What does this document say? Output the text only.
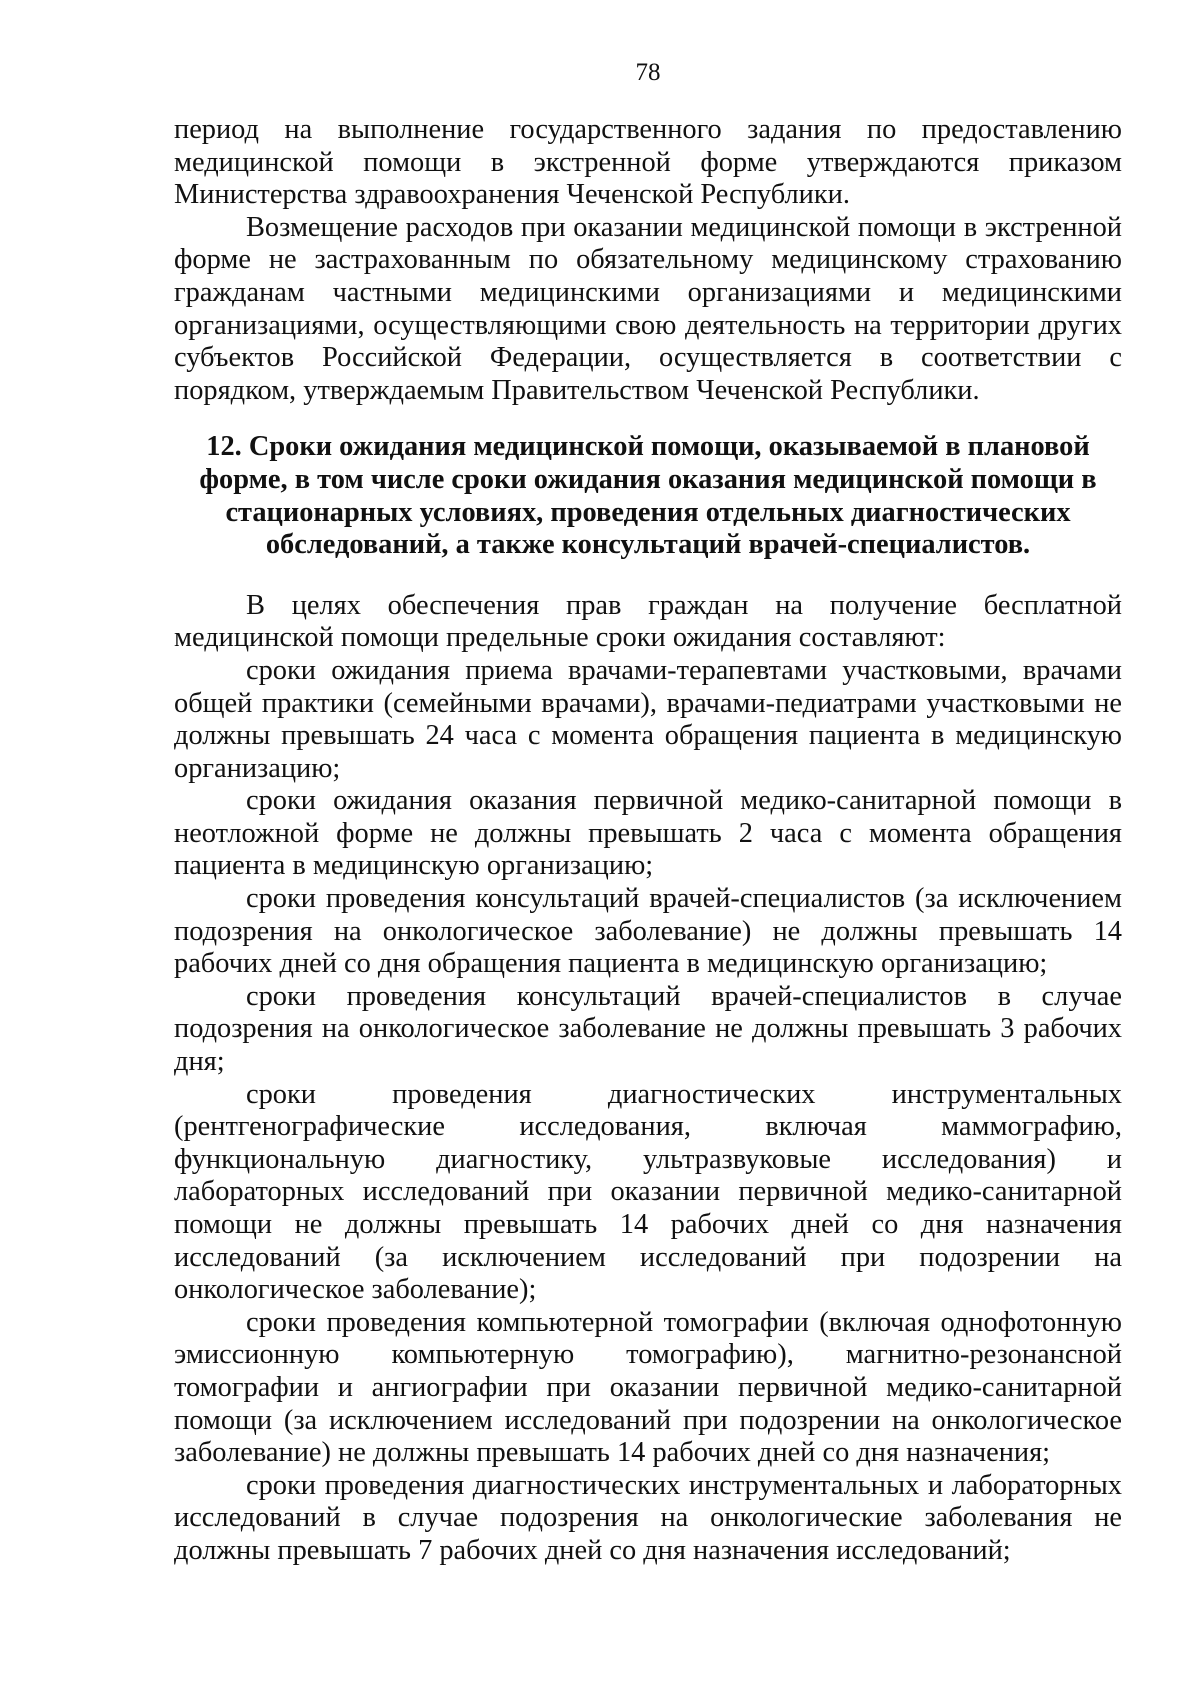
78

период на выполнение государственного задания по предоставлению медицинской помощи в экстренной форме утверждаются приказом Министерства здравоохранения Чеченской Республики.

Возмещение расходов при оказании медицинской помощи в экстренной форме не застрахованным по обязательному медицинскому страхованию гражданам частными медицинскими организациями и медицинскими организациями, осуществляющими свою деятельность на территории других субъектов Российской Федерации, осуществляется в соответствии с порядком, утверждаемым Правительством Чеченской Республики.

12. Сроки ожидания медицинской помощи, оказываемой в плановой форме, в том числе сроки ожидания оказания медицинской помощи в стационарных условиях, проведения отдельных диагностических обследований, а также консультаций врачей-специалистов.

В целях обеспечения прав граждан на получение бесплатной медицинской помощи предельные сроки ожидания составляют:

сроки ожидания приема врачами-терапевтами участковыми, врачами общей практики (семейными врачами), врачами-педиатрами участковыми не должны превышать 24 часа с момента обращения пациента в медицинскую организацию;

сроки ожидания оказания первичной медико-санитарной помощи в неотложной форме не должны превышать 2 часа с момента обращения пациента в медицинскую организацию;

сроки проведения консультаций врачей-специалистов (за исключением подозрения на онкологическое заболевание) не должны превышать 14 рабочих дней со дня обращения пациента в медицинскую организацию;

сроки проведения консультаций врачей-специалистов в случае подозрения на онкологическое заболевание не должны превышать 3 рабочих дня;

сроки проведения диагностических инструментальных (рентгенографические исследования, включая маммографию, функциональную диагностику, ультразвуковые исследования) и лабораторных исследований при оказании первичной медико-санитарной помощи не должны превышать 14 рабочих дней со дня назначения исследований (за исключением исследований при подозрении на онкологическое заболевание);

сроки проведения компьютерной томографии (включая однофотонную эмиссионную компьютерную томографию), магнитно-резонансной томографии и ангиографии при оказании первичной медико-санитарной помощи (за исключением исследований при подозрении на онкологическое заболевание) не должны превышать 14 рабочих дней со дня назначения;

сроки проведения диагностических инструментальных и лабораторных исследований в случае подозрения на онкологические заболевания не должны превышать 7 рабочих дней со дня назначения исследований;
